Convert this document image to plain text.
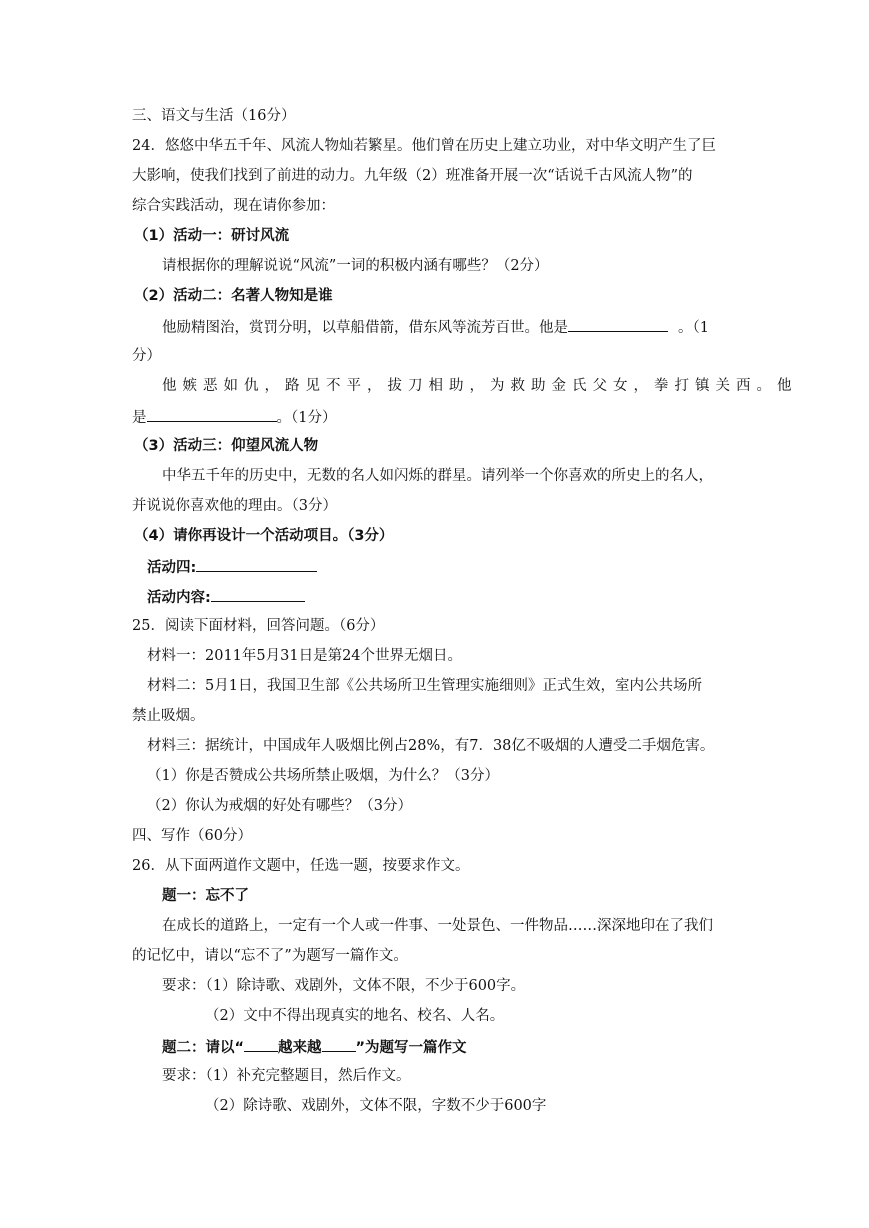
三、语文与生活（16分）
24．悠悠中华五千年、风流人物灿若繁星。他们曾在历史上建立功业，对中华文明产生了巨
大影响，使我们找到了前进的动力。九年级（2）班准备开展一次“话说千古风流人物”的
综合实践活动，现在请你参加：
（1）活动一：研讨风流
请根据你的理解说说“风流”一词的积极内涵有哪些？（2分）
（2）活动二：名著人物知是谁
他励精图治，赏罚分明，以草船借箭，借东风等流芳百世。他是	。（1
分）
他嫉恶如仇，路见不平，拔刀相助，为救助金氏父女，拳打镇关西。他
是	。（1分）
（3）活动三：仰望风流人物
中华五千年的历史中，无数的名人如闪烁的群星。请列举一个你喜欢的所史上的名人，
并说说你喜欢他的理由。（3分）
（4）请你再设计一个活动项目。（3分）
活动四:
活动内容:
25．阅读下面材料，回答问题。（6分）
材料一：2011年5月31日是第24个世界无烟日。
材料二：5月1日，我国卫生部《公共场所卫生管理实施细则》正式生效，室内公共场所
禁止吸烟。
材料三：据统计，中国成年人吸烟比例占28%，有7．38亿不吸烟的人遭受二手烟危害。
（1）你是否赞成公共场所禁止吸烟，为什么？（3分）
（2）你认为戒烟的好处有哪些？（3分）
四、写作（60分）
26．从下面两道作文题中，任选一题，按要求作文。
题一：忘不了
在成长的道路上，一定有一个人或一件事、一处景色、一件物品……深深地印在了我们
的记忆中，请以“忘不了”为题写一篇作文。
要求：（1）除诗歌、戏剧外，文体不限，不少于600字。
（2）文中不得出现真实的地名、校名、人名。
题二：请以“ 越来越 ”为题写一篇作文
要求：（1）补充完整题目，然后作文。
（2）除诗歌、戏剧外，文体不限，字数不少于600字
